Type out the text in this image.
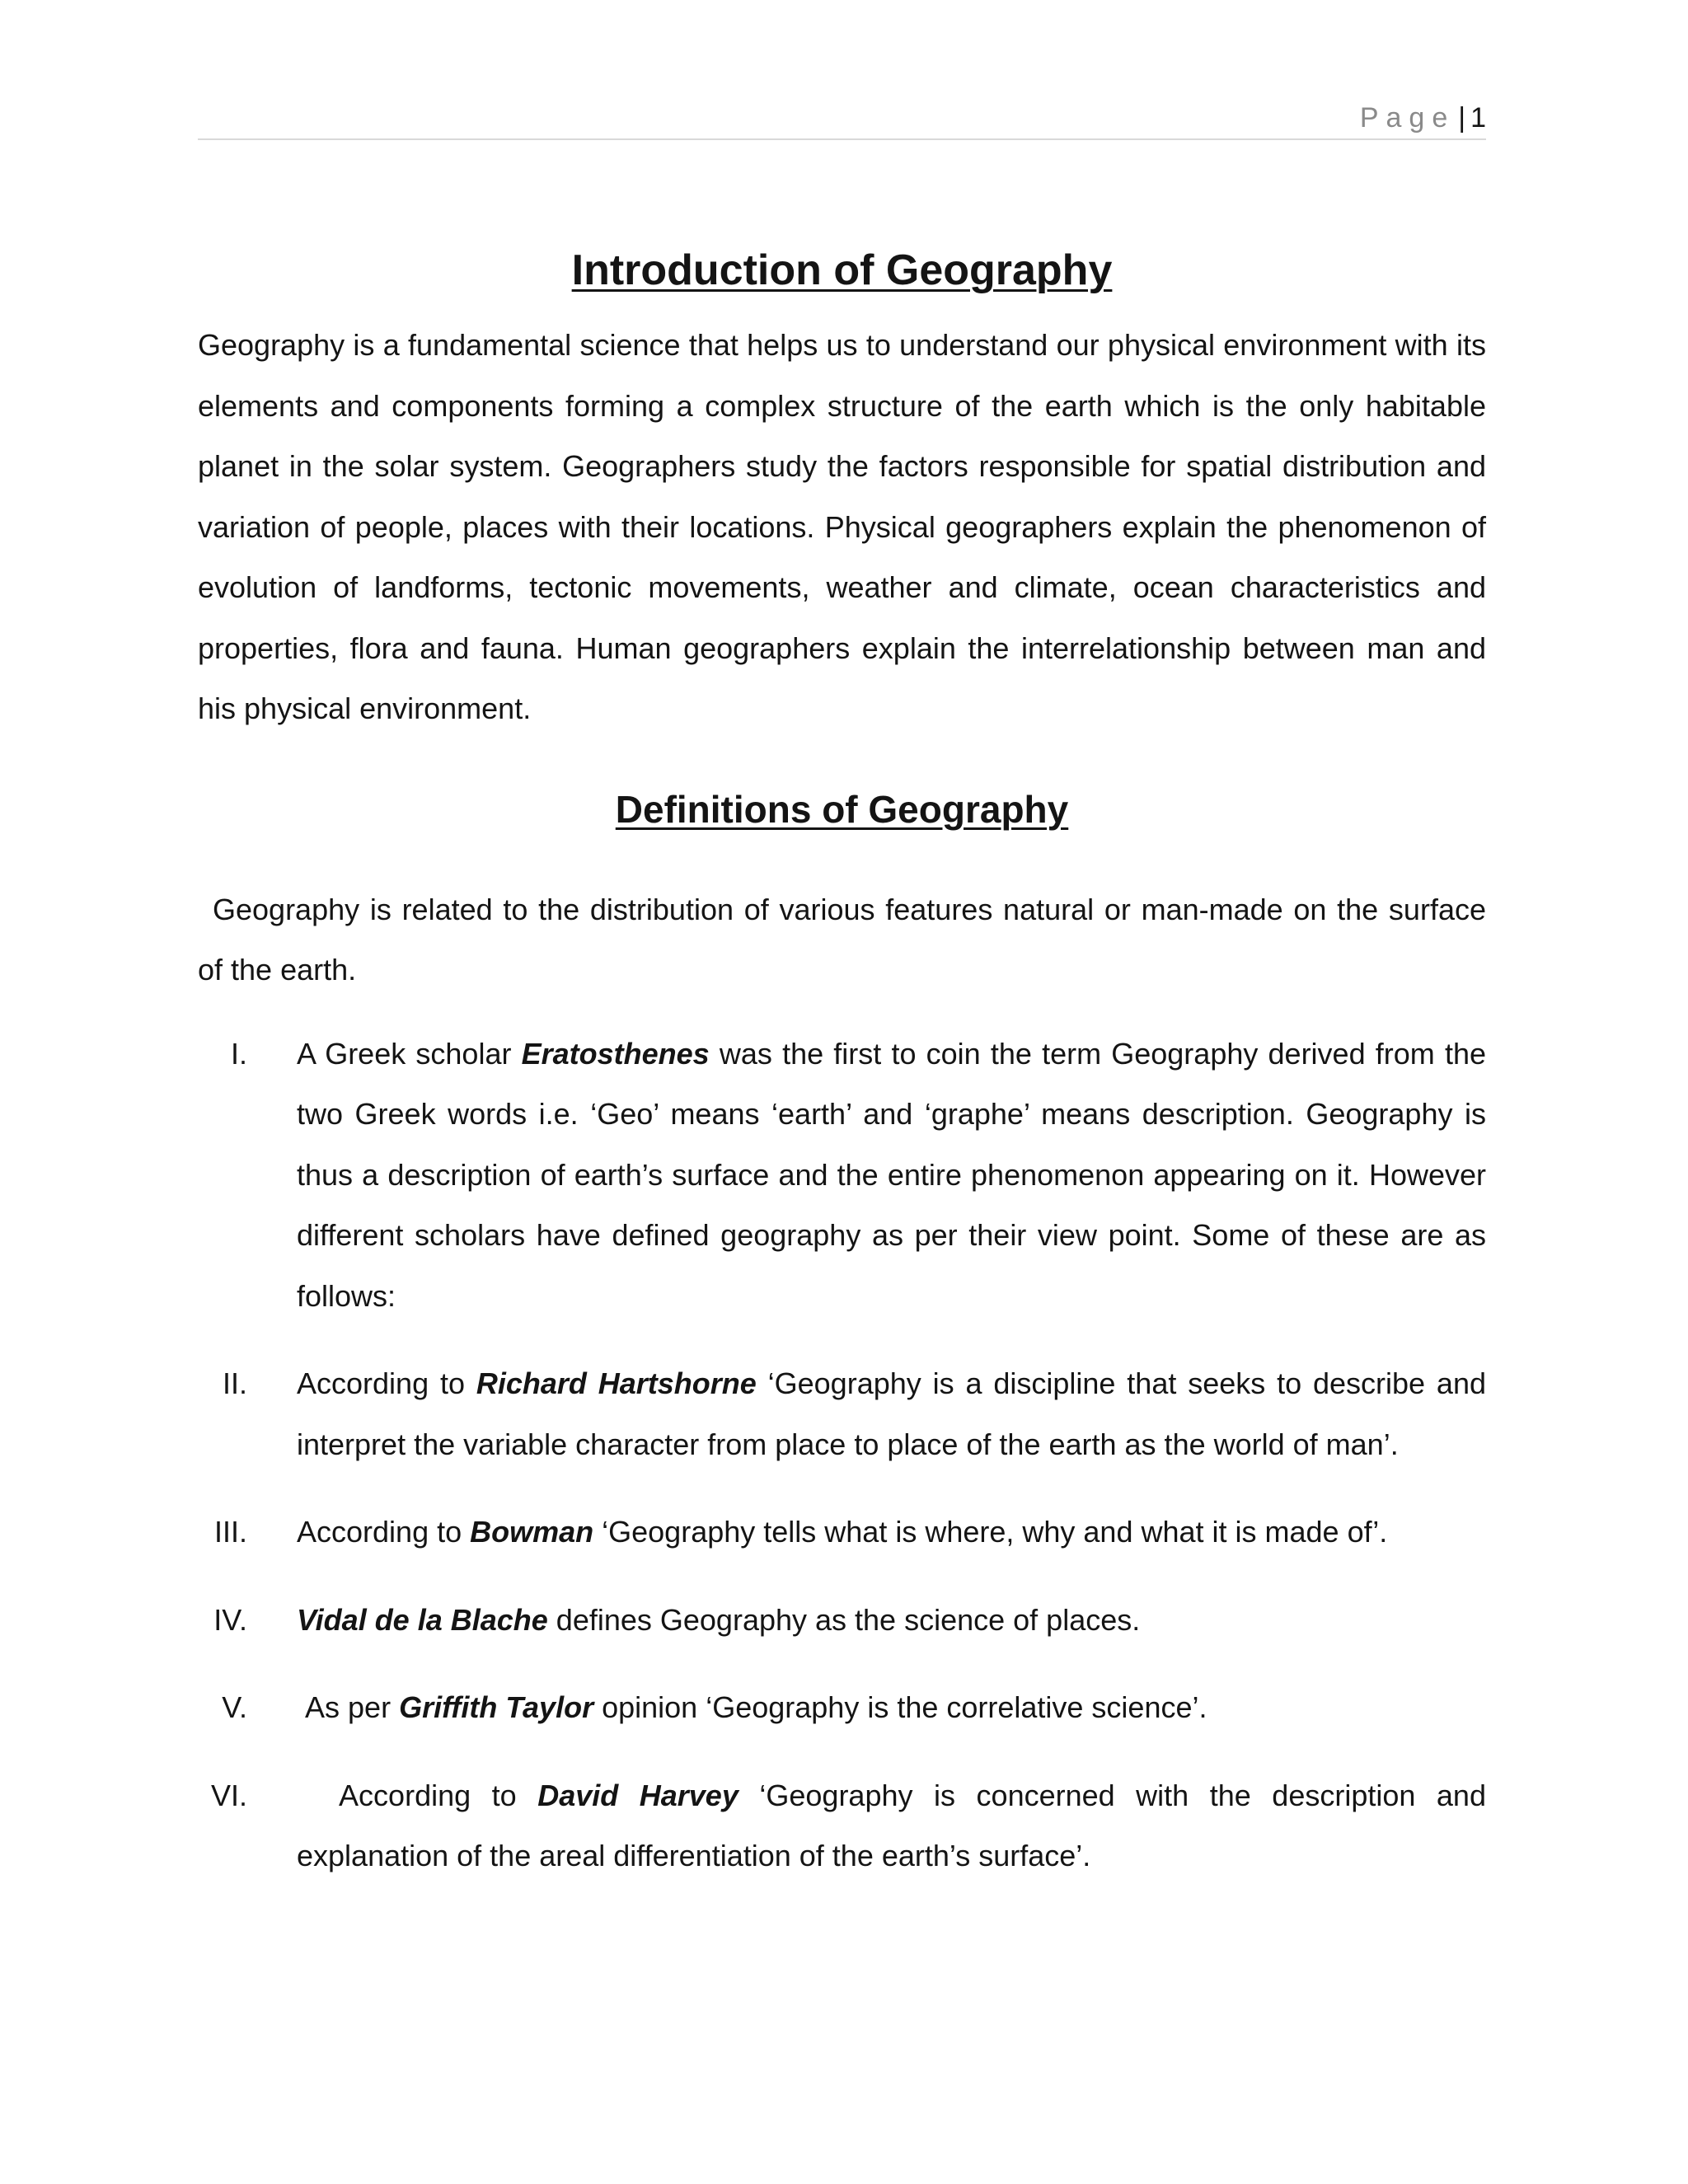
Page | 1
Introduction of Geography

Geography is a fundamental science that helps us to understand our physical environment with its elements and components forming a complex structure of the earth which is the only habitable planet in the solar system. Geographers study the factors responsible for spatial distribution and variation of people, places with their locations. Physical geographers explain the phenomenon of evolution of landforms, tectonic movements, weather and climate, ocean characteristics and properties, flora and fauna. Human geographers explain the interrelationship between man and his physical environment.

Definitions of Geography

Geography is related to the distribution of various features natural or man-made on the surface of the earth.

I. A Greek scholar Eratosthenes was the first to coin the term Geography derived from the two Greek words i.e. ‘Geo’ means ‘earth’ and ‘graphe’ means description. Geography is thus a description of earth’s surface and the entire phenomenon appearing on it. However different scholars have defined geography as per their view point. Some of these are as follows:
II. According to Richard Hartshorne ‘Geography is a discipline that seeks to describe and interpret the variable character from place to place of the earth as the world of man’.
III. According to Bowman ‘Geography tells what is where, why and what it is made of’.
IV. Vidal de la Blache defines Geography as the science of places.
V. As per Griffith Taylor opinion ‘Geography is the correlative science’.
VI. According to David Harvey ‘Geography is concerned with the description and explanation of the areal differentiation of the earth’s surface’.
